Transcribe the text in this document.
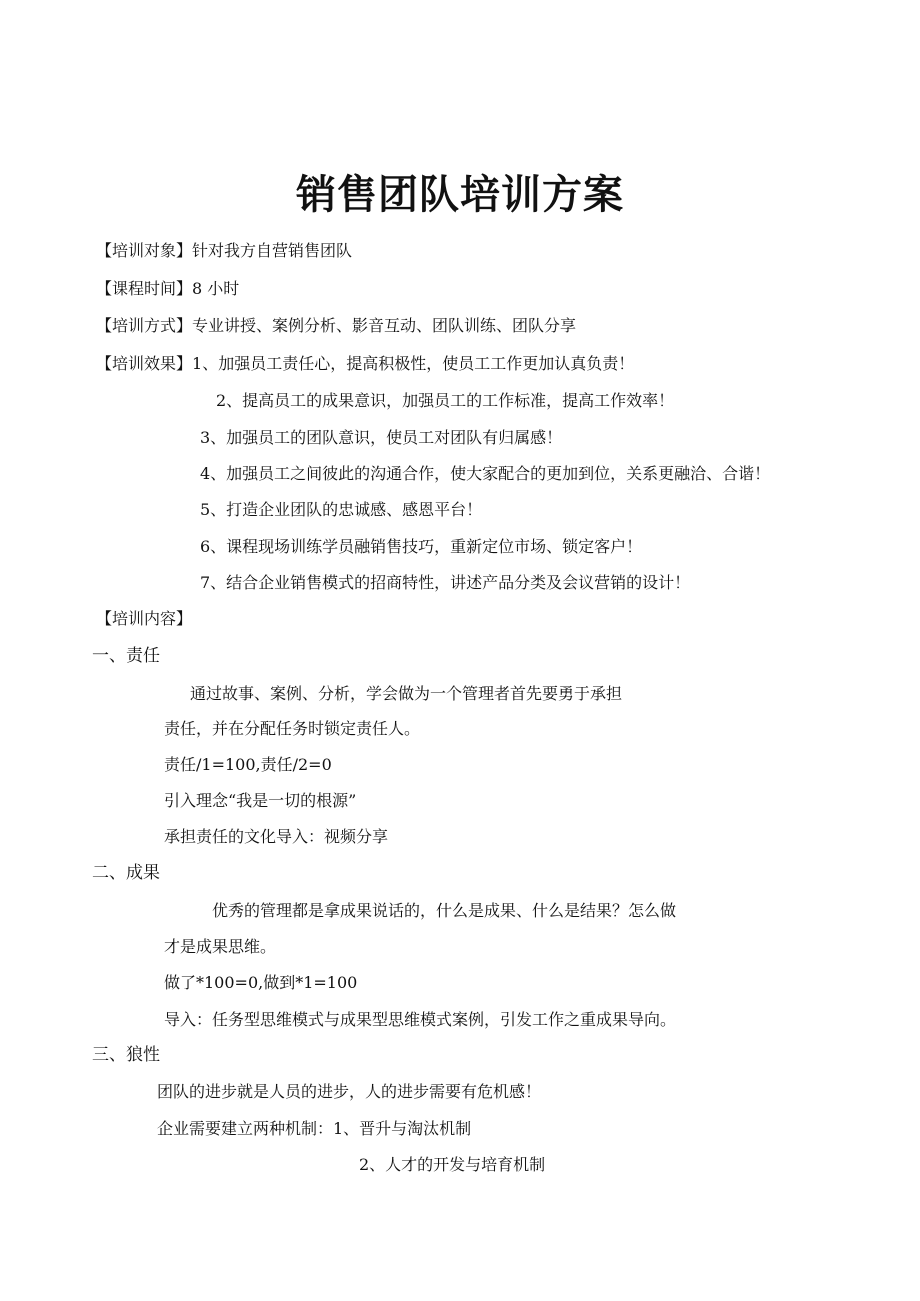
销售团队培训方案
【培训对象】针对我方自营销售团队
【课程时间】8 小时
【培训方式】专业讲授、案例分析、影音互动、团队训练、团队分享
【培训效果】1、加强员工责任心，提高积极性，使员工工作更加认真负责！
2、提高员工的成果意识，加强员工的工作标准，提高工作效率！
3、加强员工的团队意识，使员工对团队有归属感！
4、加强员工之间彼此的沟通合作，使大家配合的更加到位，关系更融洽、合谐！
5、打造企业团队的忠诚感、感恩平台！
6、课程现场训练学员融销售技巧，重新定位市场、锁定客户！
7、结合企业销售模式的招商特性，讲述产品分类及会议营销的设计！
【培训内容】
一、责任
通过故事、案例、分析，学会做为一个管理者首先要勇于承担
责任，并在分配任务时锁定责任人。
责任/1=100,责任/2=0
引入理念“我是一切的根源”
承担责任的文化导入：视频分享
二、成果
优秀的管理都是拿成果说话的，什么是成果、什么是结果？怎么做
才是成果思维。
做了*100=0,做到*1=100
导入：任务型思维模式与成果型思维模式案例，引发工作之重成果导向。
三、狼性
团队的进步就是人员的进步，人的进步需要有危机感！
企业需要建立两种机制：1、晋升与淘汰机制
2、人才的开发与培育机制
